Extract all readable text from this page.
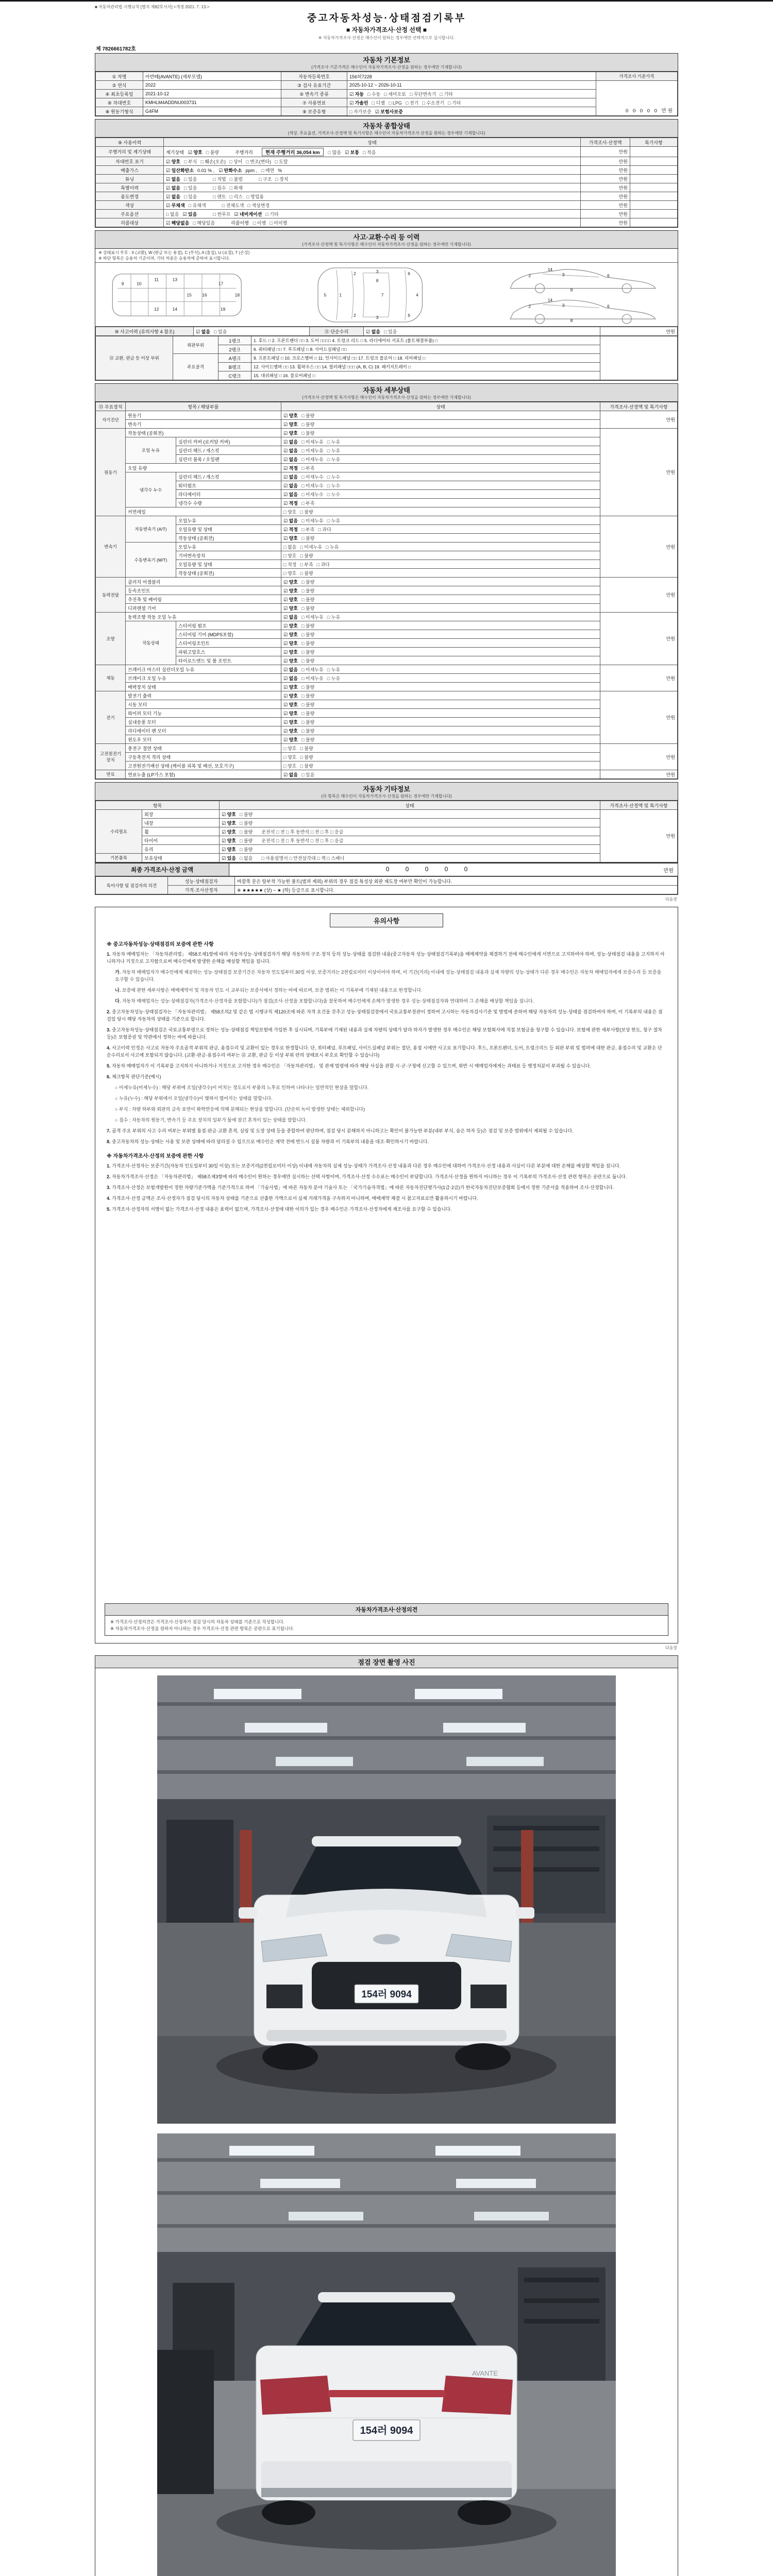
■ 자동차관리법 시행규칙 [별지 제82호서식] <개정 2021. 7. 13.>
중고자동차성능·상태점검기록부
■ 자동차가격조사·산정 선택 ■
※ 자동차가격조사·산정은 매수인이 원하는 경우에만 선택적으로 실시합니다.
제 7826661782호
자동차 기본정보
(가격조사 기준가격은 매수인이 자동차가격조사·산정을 원하는 경우에만 기재합니다)
① 차명	아반떼(AVANTE) (세부모델)	자동차등록번호	156허7228	가격조사 기준가격
0 0 0 0 0 만원

② 연식	2022	③ 검사 유효기간	2025-10-12 ~ 2026-10-11	
④ 최초등록일	2021-10-12	⑤ 변속기 종류	☑ 자동 □ 수동 □ 세미오토 □ 무단변속기 □ 기타	
⑥ 차대번호	KMHLM4ADDNU003731	⑦ 사용연료	☑ 가솔린 □ 디젤 □ LPG □ 전기 □ 수소전기 □ 기타	
⑧ 원동기형식	G4FM	⑨ 보증유형	□ 자가보증 ☑ 보험사보증	
자동차 종합상태
(색상, 주요옵션, 가격조사·산정액 및 특기사항은 매수인이 자동차가격조사·산정을 원하는 경우에만 기재합니다)
⑨ 사용이력	상태	가격조사·산정액	특기사항
주행거리 및 계기상태	계기상태 ☑ 양호 □ 불량 주행거리 현재 주행거리 36,054 km □ 많음 ☑ 보통 □ 적음	만원	
차대번호 표기	☑ 양호 □ 부식 □ 훼손(오손) □ 상이 □ 변조(변타) □ 도말	만원	
배출가스	☑ 일산화탄소 0.01 % , ☑ 탄화수소 ppm , □ 매연 %	만원	
튜닝	☑ 없음 □ 있음 □ 적법 □ 불법 □ 구조 □ 장치	만원	
특별이력	☑ 없음 □ 있음 □ 침수 □ 화재	만원	
용도변경	☑ 없음 □ 있음 □ 렌트 □ 리스 □ 영업용	만원	
색상	☑ 무채색 □ 유채색 □ 전체도색 □ 색상변경	만원	
주요옵션	□ 없음 ☑ 있음 □ 썬루프 ☑ 네비게이션 □ 기타	만원	
리콜대상	☑ 해당없음 □ 해당있음 리콜이행 □ 이행 □ 미이행	만원	
사고·교환·수리 등 이력
(가격조사·산정액 및 특기사항은 매수인이 자동차가격조사·산정을 원하는 경우에만 기재합니다)
※ 상태표시 부호 : X (교환), W (판금 또는 용접), C (부식), A (흠집), U (요철), T (손상)
※ 하단 항목은 승용차 기준이며, 기타 차종은 승용차에 준하여 표시합니다.
9	10
11
12
13
14
15 16
17
18
19
5	1
2
2
3
3
7
8
6
6
4
14
2	3	6
8
14
2	3	6
8
⑩ 사고이력 (유의사항 4 참조)	☑ 없음 □ 있음	⑪ 단순수리	☑ 없음 □ 있음	만원
⑫ 교환, 판금 등 이상 부위	외판부위	1랭크	1. 후드 □ 2. 프론트펜더 □□ 3. 도어 □□□□ 4. 트렁크 리드 □ 5. 라디에이터 서포트 (볼트체결부품) □	
		2랭크	6. 쿼터패널 □□ 7. 루프패널 □ 8. 사이드실패널 □□	
	주요골격	A랭크	9. 프론트패널 □ 10. 크로스멤버 □ 11. 인사이드패널 □□ 17. 트렁크 플로어 □ 18. 리어패널 □	
		B랭크	12. 사이드멤버 □□ 13. 휠하우스 □□ 14. 필러패널 □□□ (A, B, C) 19. 패키지트레이 □	
		C랭크	15. 대쉬패널 □ 16. 플로어패널 □	
자동차 세부상태
(가격조사·산정액 및 특기사항은 매수인이 자동차가격조사·산정을 원하는 경우에만 기재합니다)
⑬ 주요장치	항목 / 해당부품		상태	가격조사·산정액 및 특기사항
자기진단	원동기		☑ 양호 □ 불량	만원
	변속기		☑ 양호 □ 불량	
원동기	작동상태 (공회전)		☑ 양호 □ 불량	만원
	오일 누유	실린더 커버 (로커암 커버)	☑ 없음 □ 미세누유 □ 누유	
		실린더 헤드 / 개스킷	☑ 없음 □ 미세누유 □ 누유	
		실린더 블록 / 오일팬	☑ 없음 □ 미세누유 □ 누유	
	오일 유량		☑ 적정 □ 부족	
	냉각수 누수	실린더 헤드 / 개스킷	☑ 없음 □ 미세누수 □ 누수	
		워터펌프	☑ 없음 □ 미세누수 □ 누수	
		라디에이터	☑ 없음 □ 미세누수 □ 누수	
		냉각수 수량	☑ 적정 □ 부족	
	커먼레일		□ 양호 □ 불량	
변속기	자동변속기 (A/T)	오일누유	☑ 없음 □ 미세누유 □ 누유	만원
		오일유량 및 상태	☑ 적정 □ 부족 □ 과다	
		작동상태 (공회전)	☑ 양호 □ 불량	
	수동변속기 (M/T)	오일누유	□ 없음 □ 미세누유 □ 누유	
		기어변속장치	□ 양호 □ 불량	
		오일유량 및 상태	□ 적정 □ 부족 □ 과다	
		작동상태 (공회전)	□ 양호 □ 불량	
동력전달	클러치 어셈블리		☑ 양호 □ 불량	만원
	등속조인트		☑ 양호 □ 불량	
	추진축 및 베어링		☑ 양호 □ 불량	
	디퍼렌셜 기어		☑ 양호 □ 불량	
조향	동력조향 작동 오일 누유		☑ 없음 □ 미세누유 □ 누유	만원
	작동상태	스티어링 펌프	☑ 양호 □ 불량	
		스티어링 기어 (MDPS포함)	☑ 양호 □ 불량	
		스티어링조인트	☑ 양호 □ 불량	
		파워고압호스	☑ 양호 □ 불량	
		타이로드엔드 및 볼 조인트	☑ 양호 □ 불량	
제동	브레이크 마스터 실린더오일 누유		☑ 없음 □ 미세누유 □ 누유	만원
	브레이크 오일 누유		☑ 없음 □ 미세누유 □ 누유	
	배력장치 상태		☑ 양호 □ 불량	
전기	발전기 출력		☑ 양호 □ 불량	만원
	시동 모터		☑ 양호 □ 불량	
	와이퍼 모터 기능		☑ 양호 □ 불량	
	실내송풍 모터		☑ 양호 □ 불량	
	라디에이터 팬 모터		☑ 양호 □ 불량	
	윈도우 모터		☑ 양호 □ 불량	
고전원전기장치	충전구 절연 상태		□ 양호 □ 불량	만원
	구동축전지 격리 상태		□ 양호 □ 불량	
	고전원전기배선 상태 (케이블 피복 및 배선, 보호기구)		□ 양호 □ 불량	
연료	연료누출 (LP가스 포함)		☑ 없음 □ 있음	만원
자동차 기타정보
(⑭ 항목은 매수인이 자동차가격조사·산정을 원하는 경우에만 기재합니다)
항목		상태	가격조사·산정액 및 특기사항
수리필요	외장	☑ 양호 □ 불량	만원
	내장	☑ 양호 □ 불량	
	휠	☑ 양호 □ 불량 운전석 □ 전 □ 후 동반석 □ 전 □ 후 □ 응급	
	타이어	☑ 양호 □ 불량 운전석 □ 전 □ 후 동반석 □ 전 □ 후 □ 응급	
	유리	☑ 양호 □ 불량	
기본품목	보유상태	☑ 있음 □ 없음 □ 사용설명서 □ 안전삼각대 □ 잭 □ 스패너	
최종 가격조사·산정 금액	0 0 0 0 0	만원
특이사항 및 점검자의 의견	성능·상태점검자	바깥쪽 문은 탈부착 가능한 볼트(범퍼 제외) 부위의 경우 점검 특성상 외판 재도장 여부만 확인이 가능합니다.
	가격·조사산정자	※ ★★★★★ (상) ~ ★ (하) 등급으로 표시합니다.
다음장
유의사항
※ 중고자동차성능·상태점검의 보증에 관한 사항

1. 자동차 매매업자는 「자동차관리법」 제58조제1항에 따라 자동차성능·상태점검자가 해당 자동차의 구조·장치 등의 성능·상태를 점검한 내용(중고자동차 성능·상태점검기록부)을 매매계약을 체결하기 전에 매수인에게 서면으로 고지하여야 하며, 성능·상태점검 내용을 고지하지 아니하거나 거짓으로 고지함으로써 매수인에게 발생한 손해를 배상할 책임을 집니다.

가. 자동차 매매업자가 매수인에게 제공하는 성능·상태점검 보증기간은 자동차 인도일부터 30일 이상, 보증거리는 2천킬로미터 이상이어야 하며, 이 기간(거리) 이내에 성능·상태점검 내용과 실제 차량의 성능·상태가 다른 경우 매수인은 자동차 매매업자에게 보증수리 등 보증을 요구할 수 있습니다.

나. 보증에 관한 세부사항은 매매계약서 및 자동차 인도 시 교부되는 보증서에서 정하는 바에 따르며, 보증 범위는 이 기록부에 기재된 내용으로 한정합니다.

다. 자동차 매매업자는 성능·상태점검자(가격조사·산정자를 포함합니다)가 점검(조사·산정을 포함합니다)을 잘못하여 매수인에게 손해가 발생한 경우 성능·상태점검자와 연대하여 그 손해를 배상할 책임을 집니다.

2. 중고자동차성능·상태점검자는 「자동차관리법」 제58조의2 및 같은 법 시행규칙 제120조에 따른 자격 요건을 갖추고 성능·상태점검장에서 국토교통부장관이 정하여 고시하는 자동차검사기준 및 방법에 준하여 해당 자동차의 성능·상태를 점검하여야 하며, 이 기록부의 내용은 점검일 당시 해당 자동차의 상태를 기준으로 합니다.

3. 중고자동차성능·상태점검은 국토교통부령으로 정하는 성능·상태점검 책임보험에 가입한 후 실시되며, 기록부에 기재된 내용과 실제 차량의 상태가 달라 하자가 발생한 경우 매수인은 해당 보험회사에 직접 보험금을 청구할 수 있습니다. 보험에 관한 세부사항(보상 한도, 청구 절차 등)은 보험증권 및 약관에서 정하는 바에 따릅니다.

4. 사고이력 인정은 사고로 자동차 주요골격 부위의 판금, 용접수리 및 교환이 있는 경우로 한정합니다. 단, 쿼터패널, 루프패널, 사이드실패널 부위는 절단, 용접 시에만 사고로 표기합니다. 후드, 프론트펜더, 도어, 트렁크리드 등 외판 부위 및 범퍼에 대한 판금, 용접수리 및 교환은 단순수리로서 사고에 포함되지 않습니다. (교환·판금·용접수리 여부는 ⑫ 교환, 판금 등 이상 부위 란의 상태표시 부호로 확인할 수 있습니다)

5. 자동차 매매업자가 이 기록부를 고지하지 아니하거나 거짓으로 고지한 경우 매수인은 「자동차관리법」 및 관계 법령에 따라 해당 사실을 관할 시·군·구청에 신고할 수 있으며, 위반 시 매매업자에게는 과태료 등 행정처분이 부과될 수 있습니다.

6. 체크항목 판단기준(예시)

○ 미세누유(미세누수) : 해당 부위에 오일(냉각수)이 비치는 정도로서 부품의 노후로 인하여 나타나는 일반적인 현상을 말합니다.

○ 누유(누수) : 해당 부위에서 오일(냉각수)이 맺혀서 떨어지는 상태를 말합니다.

○ 부식 : 차량 하부와 외판의 금속 표면이 화학반응에 의해 분해되는 현상을 말합니다. (단순히 녹이 발생한 상태는 제외합니다)

○ 침수 : 자동차의 원동기, 변속기 등 주요 장치의 일부가 물에 잠긴 흔적이 있는 상태를 말합니다.

7. 골격 주요 부위의 사고 수리 여부는 부위별 용접·판금·교환 흔적, 실링 및 도장 상태 등을 종합하여 판단하며, 점검 당시 분해하지 아니하고는 확인이 불가능한 부분(내부 부식, 숨은 하자 등)은 점검 및 보증 범위에서 제외될 수 있습니다.

8. 중고자동차의 성능·상태는 사용 및 보관 상태에 따라 달라질 수 있으므로 매수인은 계약 전에 반드시 실물 차량과 이 기록부의 내용을 대조·확인하시기 바랍니다.

※ 자동차가격조사·산정의 보증에 관한 사항

1. 가격조사·산정자는 보증기간(자동차 인도일부터 30일 이상) 또는 보증거리(2천킬로미터 이상) 이내에 자동차의 실제 성능·상태가 가격조사·산정 내용과 다른 경우 매수인에 대하여 가격조사·산정 내용과 사실이 다른 부분에 대한 손해를 배상할 책임을 집니다.

2. 자동차가격조사·산정은 「자동차관리법」 제58조제3항에 따라 매수인이 원하는 경우에만 실시하는 선택 사항이며, 가격조사·산정 수수료는 매수인이 부담합니다. 가격조사·산정을 원하지 아니하는 경우 이 기록부의 가격조사·산정 관련 항목은 공란으로 둡니다.

3. 가격조사·산정은 보험개발원이 정한 차량기준가액을 기준가격으로 하여 「기술사법」에 따른 자동차 분야 기술사 또는 「국가기술자격법」에 따른 자동차진단평가사(1급·2급)가 한국자동차진단보증협회 등에서 정한 기준서를 적용하여 조사·산정합니다.

4. 가격조사·산정 금액은 조사·산정자가 점검 당시의 자동차 상태를 기준으로 산출한 가액으로서 실제 거래가격을 구속하지 아니하며, 매매계약 체결 시 참고자료로만 활용하시기 바랍니다.

5. 가격조사·산정자의 서명이 없는 가격조사·산정 내용은 효력이 없으며, 가격조사·산정에 대한 이의가 있는 경우 매수인은 가격조사·산정자에게 재조사를 요구할 수 있습니다.

자동차가격조사·산정의견
※ 가격조사·산정의견은 가격조사·산정자가 점검 당시의 자동차 상태를 기준으로 작성합니다.
※ 자동차가격조사·산정을 원하지 아니하는 경우 가격조사·산정 관련 항목은 공란으로 표기됩니다.
다음장
점검 장면 촬영 사진
154러 9094
AVANTE
154러 9094
